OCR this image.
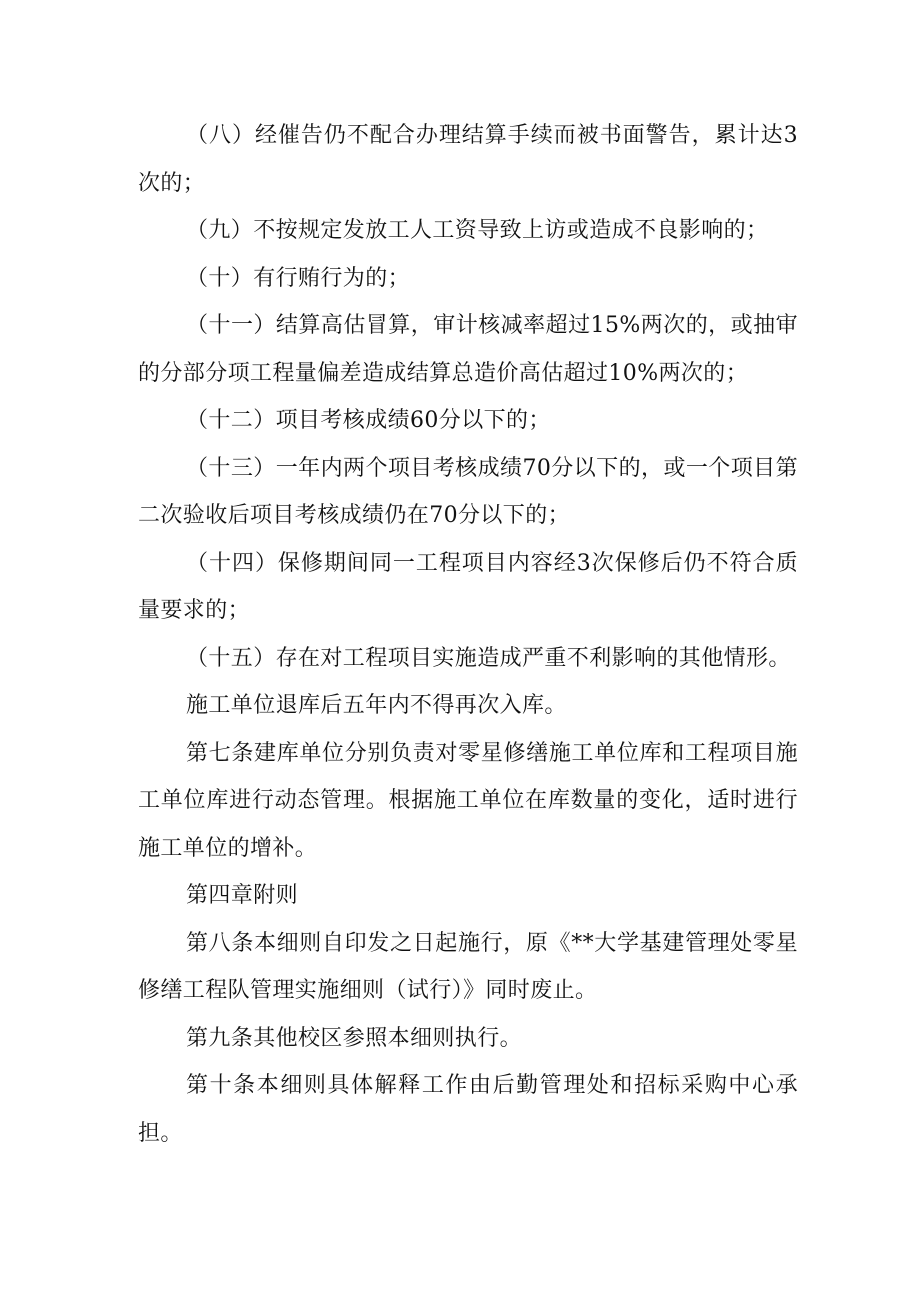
（八）经催告仍不配合办理结算手续而被书面警告，累计达3次的；

（九）不按规定发放工人工资导致上访或造成不良影响的；

（十）有行贿行为的；

（十一）结算高估冒算，审计核减率超过15%两次的，或抽审的分部分项工程量偏差造成结算总造价高估超过10%两次的；

（十二）项目考核成绩60分以下的；

（十三）一年内两个项目考核成绩70分以下的，或一个项目第二次验收后项目考核成绩仍在70分以下的；

（十四）保修期间同一工程项目内容经3次保修后仍不符合质量要求的；

（十五）存在对工程项目实施造成严重不利影响的其他情形。

施工单位退库后五年内不得再次入库。

第七条建库单位分别负责对零星修缮施工单位库和工程项目施工单位库进行动态管理。根据施工单位在库数量的变化，适时进行施工单位的增补。

第四章附则

第八条本细则自印发之日起施行，原《**大学基建管理处零星修缮工程队管理实施细则（试行）》同时废止。

第九条其他校区参照本细则执行。

第十条本细则具体解释工作由后勤管理处和招标采购中心承担。
